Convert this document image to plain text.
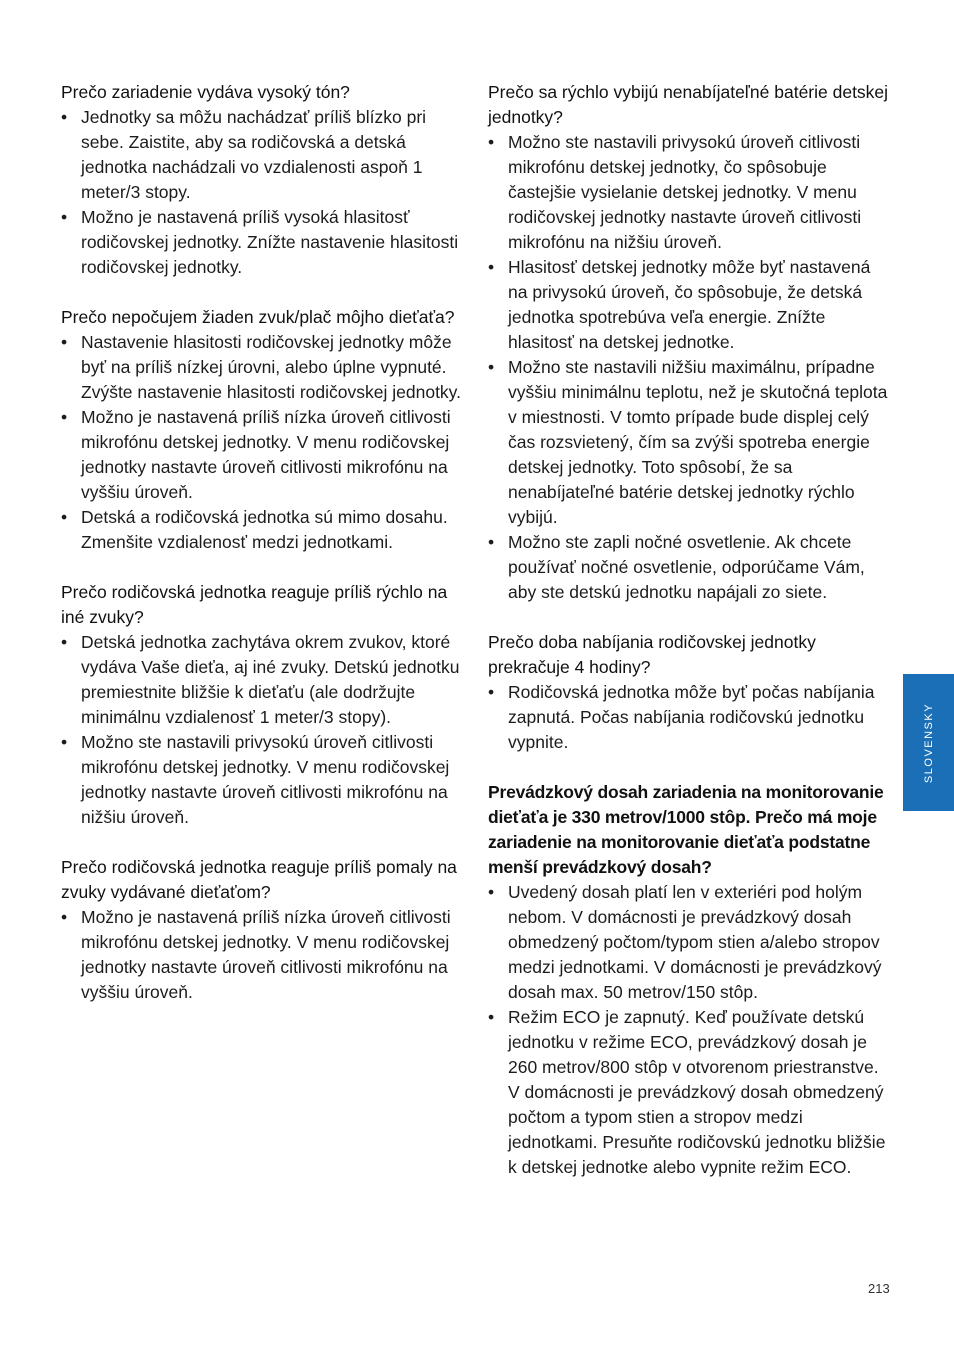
Prečo zariadenie vydáva vysoký tón?

• Jednotky sa môžu nachádzať príliš blízko pri sebe. Zaistite, aby sa rodičovská a detská jednotka nachádzali vo vzdialenosti aspoň 1 meter/3 stopy.
• Možno je nastavená príliš vysoká hlasitosť rodičovskej jednotky. Znížte nastavenie hlasitosti rodičovskej jednotky.

Prečo nepočujem žiaden zvuk/plač môjho dieťaťa?

• Nastavenie hlasitosti rodičovskej jednotky môže byť na príliš nízkej úrovni, alebo úplne vypnuté. Zvýšte nastavenie hlasitosti rodičovskej jednotky.
• Možno je nastavená príliš nízka úroveň citlivosti mikrofónu detskej jednotky. V menu rodičovskej jednotky nastavte úroveň citlivosti mikrofónu na vyššiu úroveň.
• Detská a rodičovská jednotka sú mimo dosahu. Zmenšite vzdialenosť medzi jednotkami.

Prečo rodičovská jednotka reaguje príliš rýchlo na iné zvuky?

• Detská jednotka zachytáva okrem zvukov, ktoré vydáva Vaše dieťa, aj iné zvuky. Detskú jednotku premiestnite bližšie k dieťaťu (ale dodržujte minimálnu vzdialenosť 1 meter/3 stopy).
• Možno ste nastavili privysokú úroveň citlivosti mikrofónu detskej jednotky. V menu rodičovskej jednotky nastavte úroveň citlivosti mikrofónu na nižšiu úroveň.

Prečo rodičovská jednotka reaguje príliš pomaly na zvuky vydávané dieťaťom?

• Možno je nastavená príliš nízka úroveň citlivosti mikrofónu detskej jednotky. V menu rodičovskej jednotky nastavte úroveň citlivosti mikrofónu na vyššiu úroveň.

Prečo sa rýchlo vybijú nenabíjateľné batérie detskej jednotky?

• Možno ste nastavili privysokú úroveň citlivosti mikrofónu detskej jednotky, čo spôsobuje častejšie vysielanie detskej jednotky. V menu rodičovskej jednotky nastavte úroveň citlivosti mikrofónu na nižšiu úroveň.
• Hlasitosť detskej jednotky môže byť nastavená na privysokú úroveň, čo spôsobuje, že detská jednotka spotrebúva veľa energie. Znížte hlasitosť na detskej jednotke.
• Možno ste nastavili nižšiu maximálnu, prípadne vyššiu minimálnu teplotu, než je skutočná teplota v miestnosti. V tomto prípade bude displej celý čas rozsvietený, čím sa zvýši spotreba energie detskej jednotky. Toto spôsobí, že sa nenabíjateľné batérie detskej jednotky rýchlo vybijú.
• Možno ste zapli nočné osvetlenie. Ak chcete používať nočné osvetlenie, odporúčame Vám, aby ste detskú jednotku napájali zo siete.

Prečo doba nabíjania rodičovskej jednotky prekračuje 4 hodiny?

• Rodičovská jednotka môže byť počas nabíjania zapnutá. Počas nabíjania rodičovskú jednotku vypnite.

Prevádzkový dosah zariadenia na monitorovanie dieťaťa je 330 metrov/1000 stôp. Prečo má moje zariadenie na monitorovanie dieťaťa podstatne menší prevádzkový dosah?

• Uvedený dosah platí len v exteriéri pod holým nebom. V domácnosti je prevádzkový dosah obmedzený počtom/typom stien a/alebo stropov medzi jednotkami. V domácnosti je prevádzkový dosah max. 50 metrov/150 stôp.
• Režim ECO je zapnutý. Keď používate detskú jednotku v režime ECO, prevádzkový dosah je 260 metrov/800 stôp v otvorenom priestranstve. V domácnosti je prevádzkový dosah obmedzený počtom a typom stien a stropov medzi jednotkami. Presuňte rodičovskú jednotku bližšie k detskej jednotke alebo vypnite režim ECO.
SLOVENSKY
213
